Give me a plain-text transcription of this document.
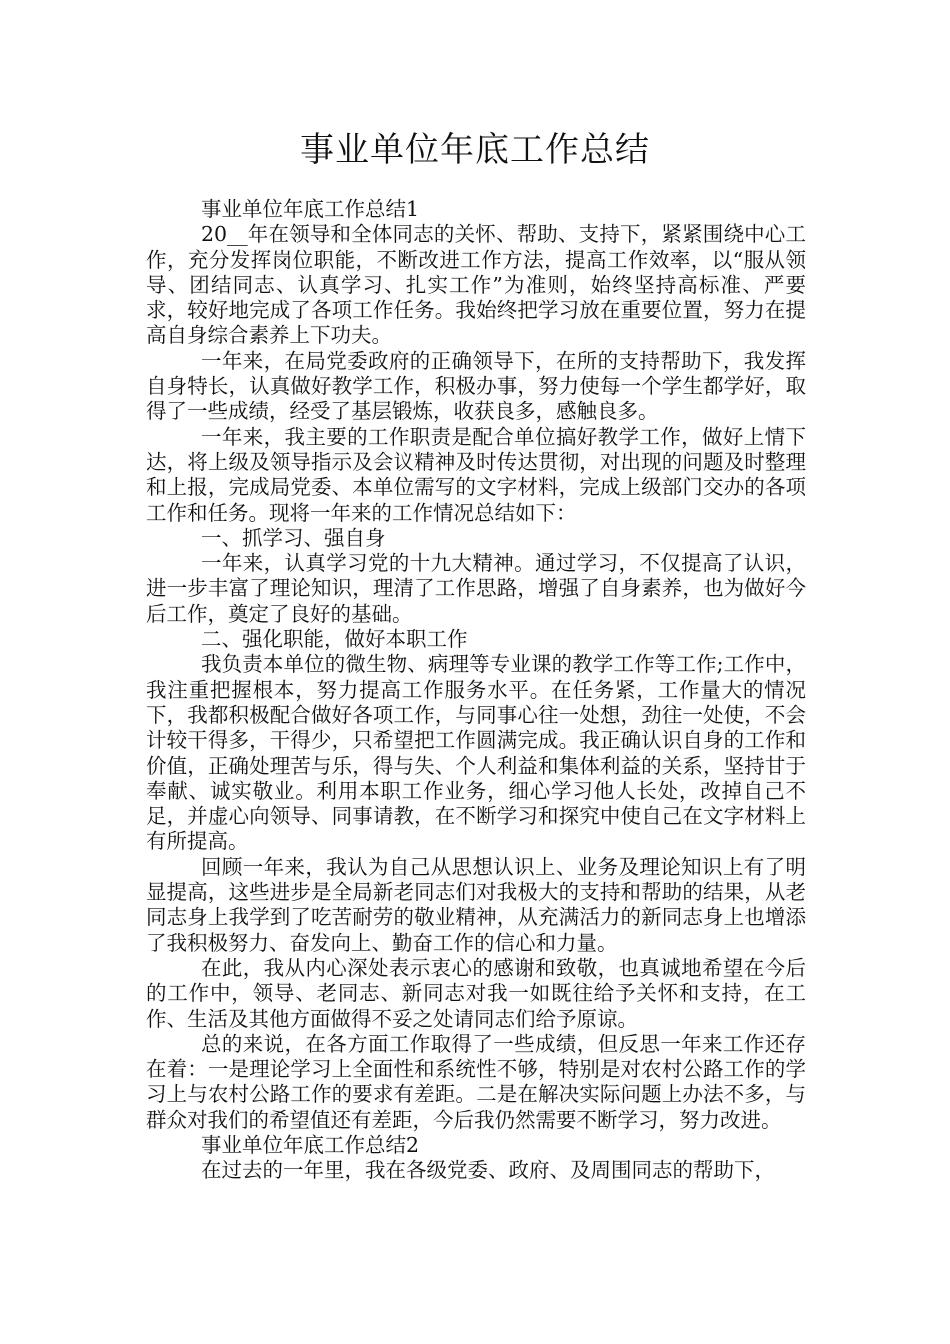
事业单位年底工作总结

事业单位年底工作总结1

20__年在领导和全体同志的关怀、帮助、支持下，紧紧围绕中心工作，充分发挥岗位职能，不断改进工作方法，提高工作效率，以“服从领导、团结同志、认真学习、扎实工作”为准则，始终坚持高标准、严要求，较好地完成了各项工作任务。我始终把学习放在重要位置，努力在提高自身综合素养上下功夫。

一年来，在局党委政府的正确领导下，在所的支持帮助下，我发挥自身特长，认真做好教学工作，积极办事，努力使每一个学生都学好，取得了一些成绩，经受了基层锻炼，收获良多，感触良多。

一年来，我主要的工作职责是配合单位搞好教学工作，做好上情下达，将上级及领导指示及会议精神及时传达贯彻，对出现的问题及时整理和上报，完成局党委、本单位需写的文字材料，完成上级部门交办的各项工作和任务。现将一年来的工作情况总结如下：

一、抓学习、强自身

一年来，认真学习党的十九大精神。通过学习，不仅提高了认识，进一步丰富了理论知识，理清了工作思路，增强了自身素养，也为做好今后工作，奠定了良好的基础。

二、强化职能，做好本职工作

我负责本单位的微生物、病理等专业课的教学工作等工作;工作中，我注重把握根本，努力提高工作服务水平。在任务紧，工作量大的情况下，我都积极配合做好各项工作，与同事心往一处想，劲往一处使，不会计较干得多，干得少，只希望把工作圆满完成。我正确认识自身的工作和价值，正确处理苦与乐，得与失、个人利益和集体利益的关系，坚持甘于奉献、诚实敬业。利用本职工作业务，细心学习他人长处，改掉自己不足，并虚心向领导、同事请教，在不断学习和探究中使自己在文字材料上有所提高。

回顾一年来，我认为自己从思想认识上、业务及理论知识上有了明显提高，这些进步是全局新老同志们对我极大的支持和帮助的结果，从老同志身上我学到了吃苦耐劳的敬业精神，从充满活力的新同志身上也增添了我积极努力、奋发向上、勤奋工作的信心和力量。

在此，我从内心深处表示衷心的感谢和致敬，也真诚地希望在今后的工作中，领导、老同志、新同志对我一如既往给予关怀和支持，在工作、生活及其他方面做得不妥之处请同志们给予原谅。

总的来说，在各方面工作取得了一些成绩，但反思一年来工作还存在着：一是理论学习上全面性和系统性不够，特别是对农村公路工作的学习上与农村公路工作的要求有差距。二是在解决实际问题上办法不多，与群众对我们的希望值还有差距，今后我仍然需要不断学习，努力改进。

事业单位年底工作总结2

在过去的一年里，我在各级党委、政府、及周围同志的帮助下，
